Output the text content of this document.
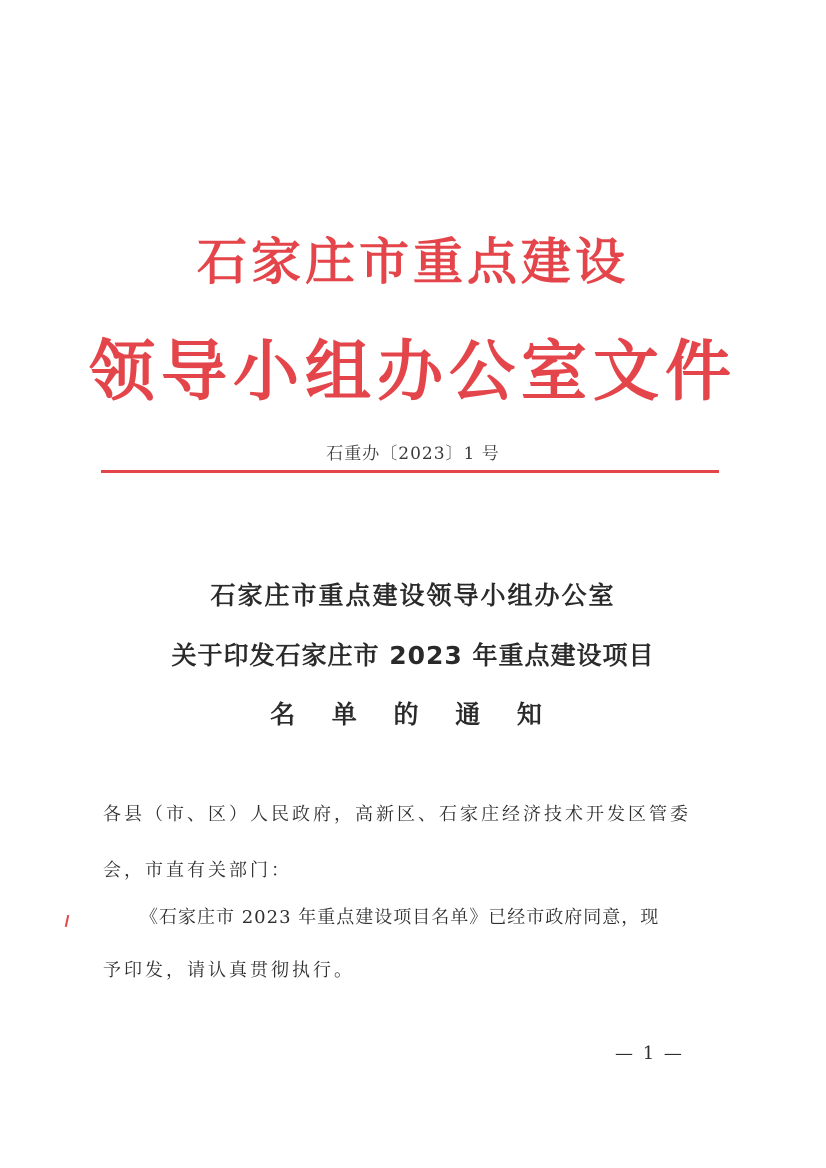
石家庄市重点建设
领导小组办公室文件
石重办〔2023〕1 号
石家庄市重点建设领导小组办公室
关于印发石家庄市 2023 年重点建设项目
名 单 的 通 知
各县（市、区）人民政府，高新区、石家庄经济技术开发区管委
会，市直有关部门：
《石家庄市 2023 年重点建设项目名单》已经市政府同意，现
予印发，请认真贯彻执行。
— 1 —
